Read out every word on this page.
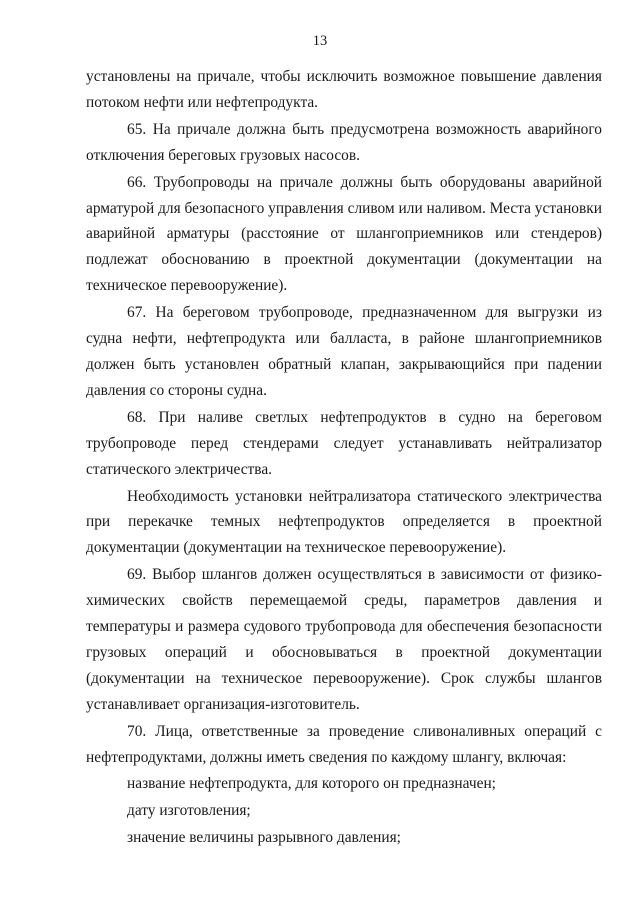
13

установлены на причале, чтобы исключить возможное повышение давления потоком нефти или нефтепродукта.

65. На причале должна быть предусмотрена возможность аварийного отключения береговых грузовых насосов.

66. Трубопроводы на причале должны быть оборудованы аварийной арматурой для безопасного управления сливом или наливом. Места установки аварийной арматуры (расстояние от шлангоприемников или стендеров) подлежат обоснованию в проектной документации (документации на техническое перевооружение).

67. На береговом трубопроводе, предназначенном для выгрузки из судна нефти, нефтепродукта или балласта, в районе шлангоприемников должен быть установлен обратный клапан, закрывающийся при падении давления со стороны судна.

68. При наливе светлых нефтепродуктов в судно на береговом трубопроводе перед стендерами следует устанавливать нейтрализатор статического электричества.

Необходимость установки нейтрализатора статического электричества при перекачке темных нефтепродуктов определяется в проектной документации (документации на техническое перевооружение).

69. Выбор шлангов должен осуществляться в зависимости от физико-химических свойств перемещаемой среды, параметров давления и температуры и размера судового трубопровода для обеспечения безопасности грузовых операций и обосновываться в проектной документации (документации на техническое перевооружение). Срок службы шлангов устанавливает организация-изготовитель.

70. Лица, ответственные за проведение сливоналивных операций с нефтепродуктами, должны иметь сведения по каждому шлангу, включая:

название нефтепродукта, для которого он предназначен;

дату изготовления;

значение величины разрывного давления;
